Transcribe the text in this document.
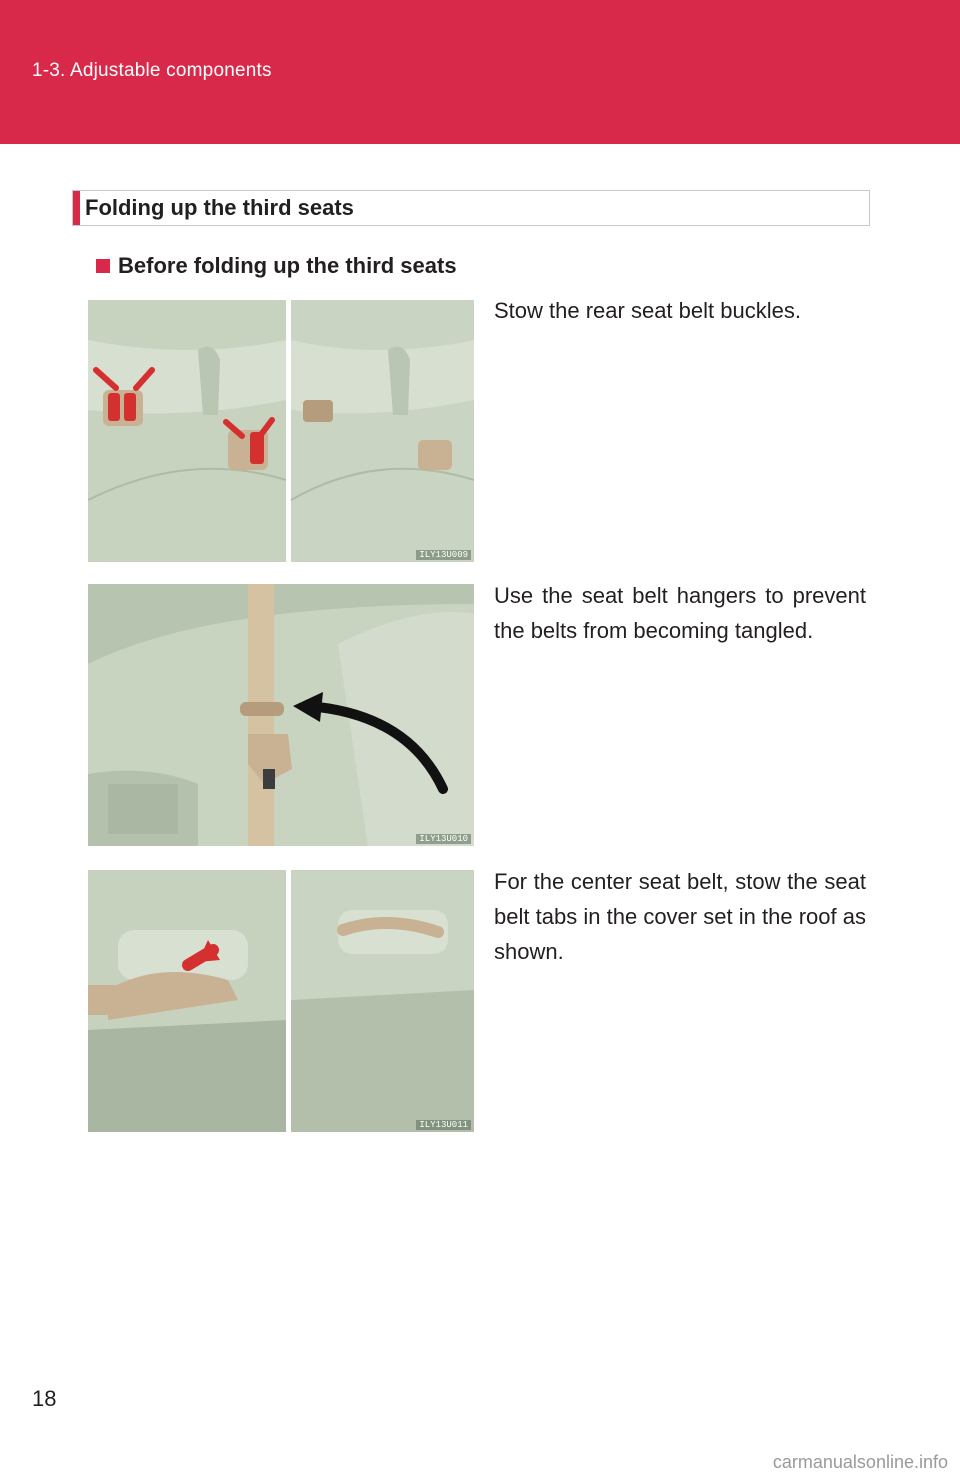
1-3. Adjustable components
Folding up the third seats
Before folding up the third seats
ILY13U009
Stow the rear seat belt buckles.
ILY13U010
Use the seat belt hangers to prevent the belts from becoming tangled.
ILY13U011
For the center seat belt, stow the seat belt tabs in the cover set in the roof as shown.
18
carmanualsonline.info
